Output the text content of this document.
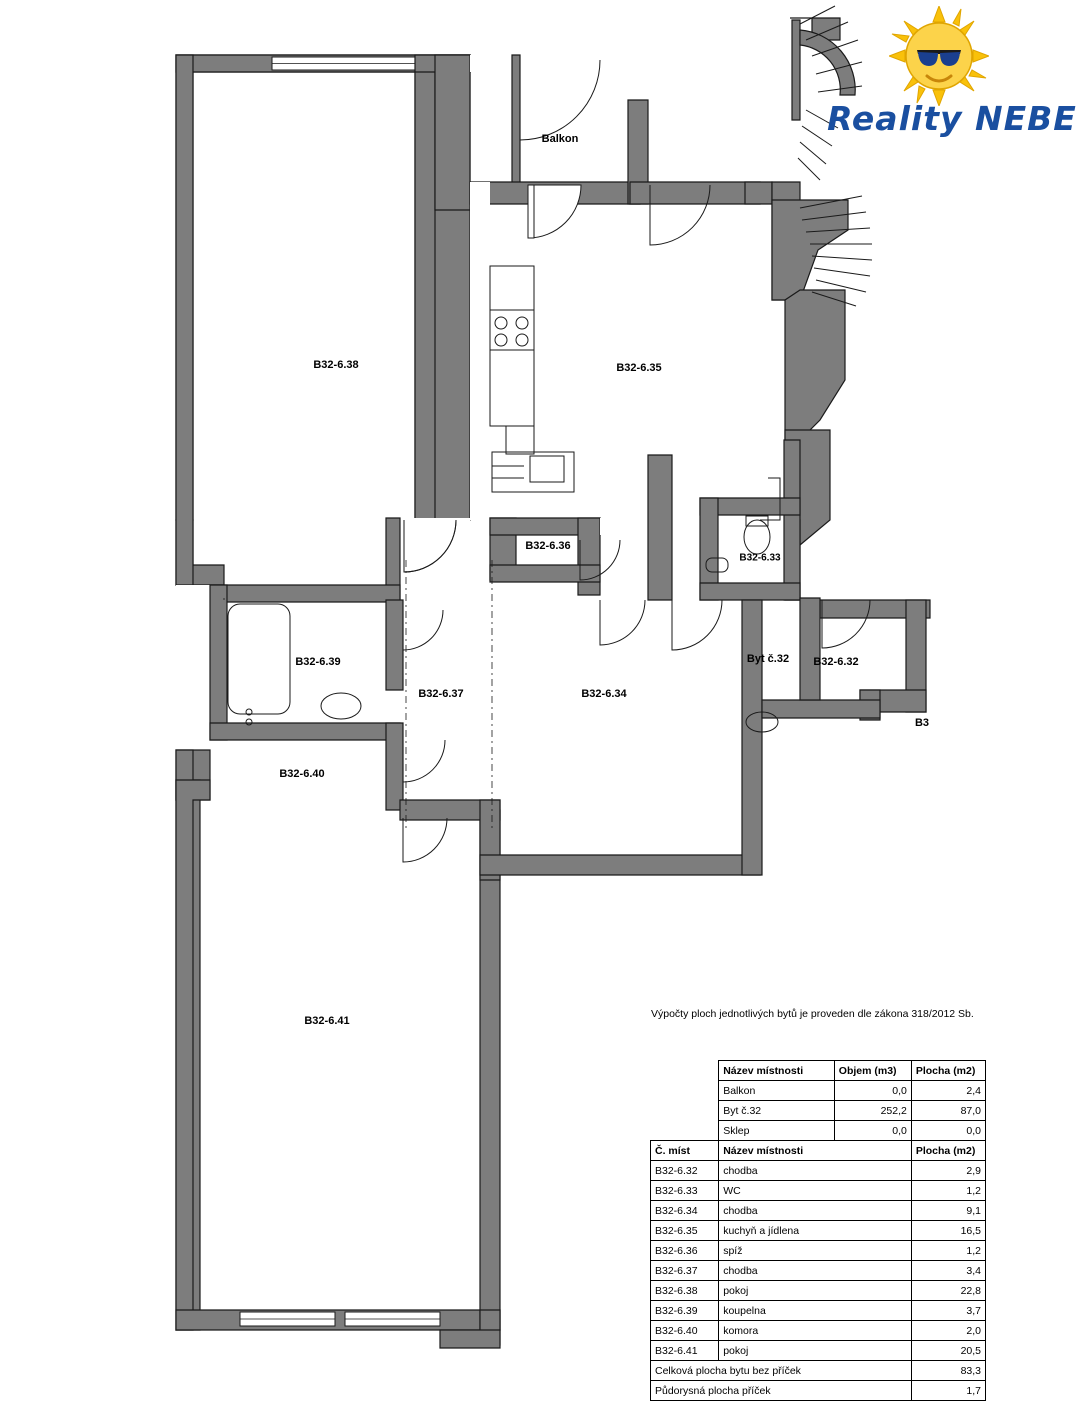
Balkon
B32-6.38	B32-6.35
B32-6.36
B32-6.33
B32-6.39
B32-6.37	B32-6.34
Byt č.32 B32-6.32
B3
B32-6.40
B32-6.41
Výpočty ploch jednotlivých bytů je proveden dle zákona 318/2012 Sb.
Reality NEBE
	Název místnosti	Objem (m3)	Plocha (m2)
	Balkon	0,0	2,4
	Byt č.32	252,2	87,0
	Sklep	0,0	0,0
Č. míst	Název místnosti		Plocha (m2)
B32-6.32	chodba		2,9
B32-6.33	WC		1,2
B32-6.34	chodba		9,1
B32-6.35	kuchyň a jídlena		16,5
B32-6.36	spíž		1,2
B32-6.37	chodba		3,4
B32-6.38	pokoj		22,8
B32-6.39	koupelna		3,7
B32-6.40	komora		2,0
B32-6.41	pokoj		20,5
Celková plocha bytu bez příček			83,3
Půdorysná plocha příček			1,7
